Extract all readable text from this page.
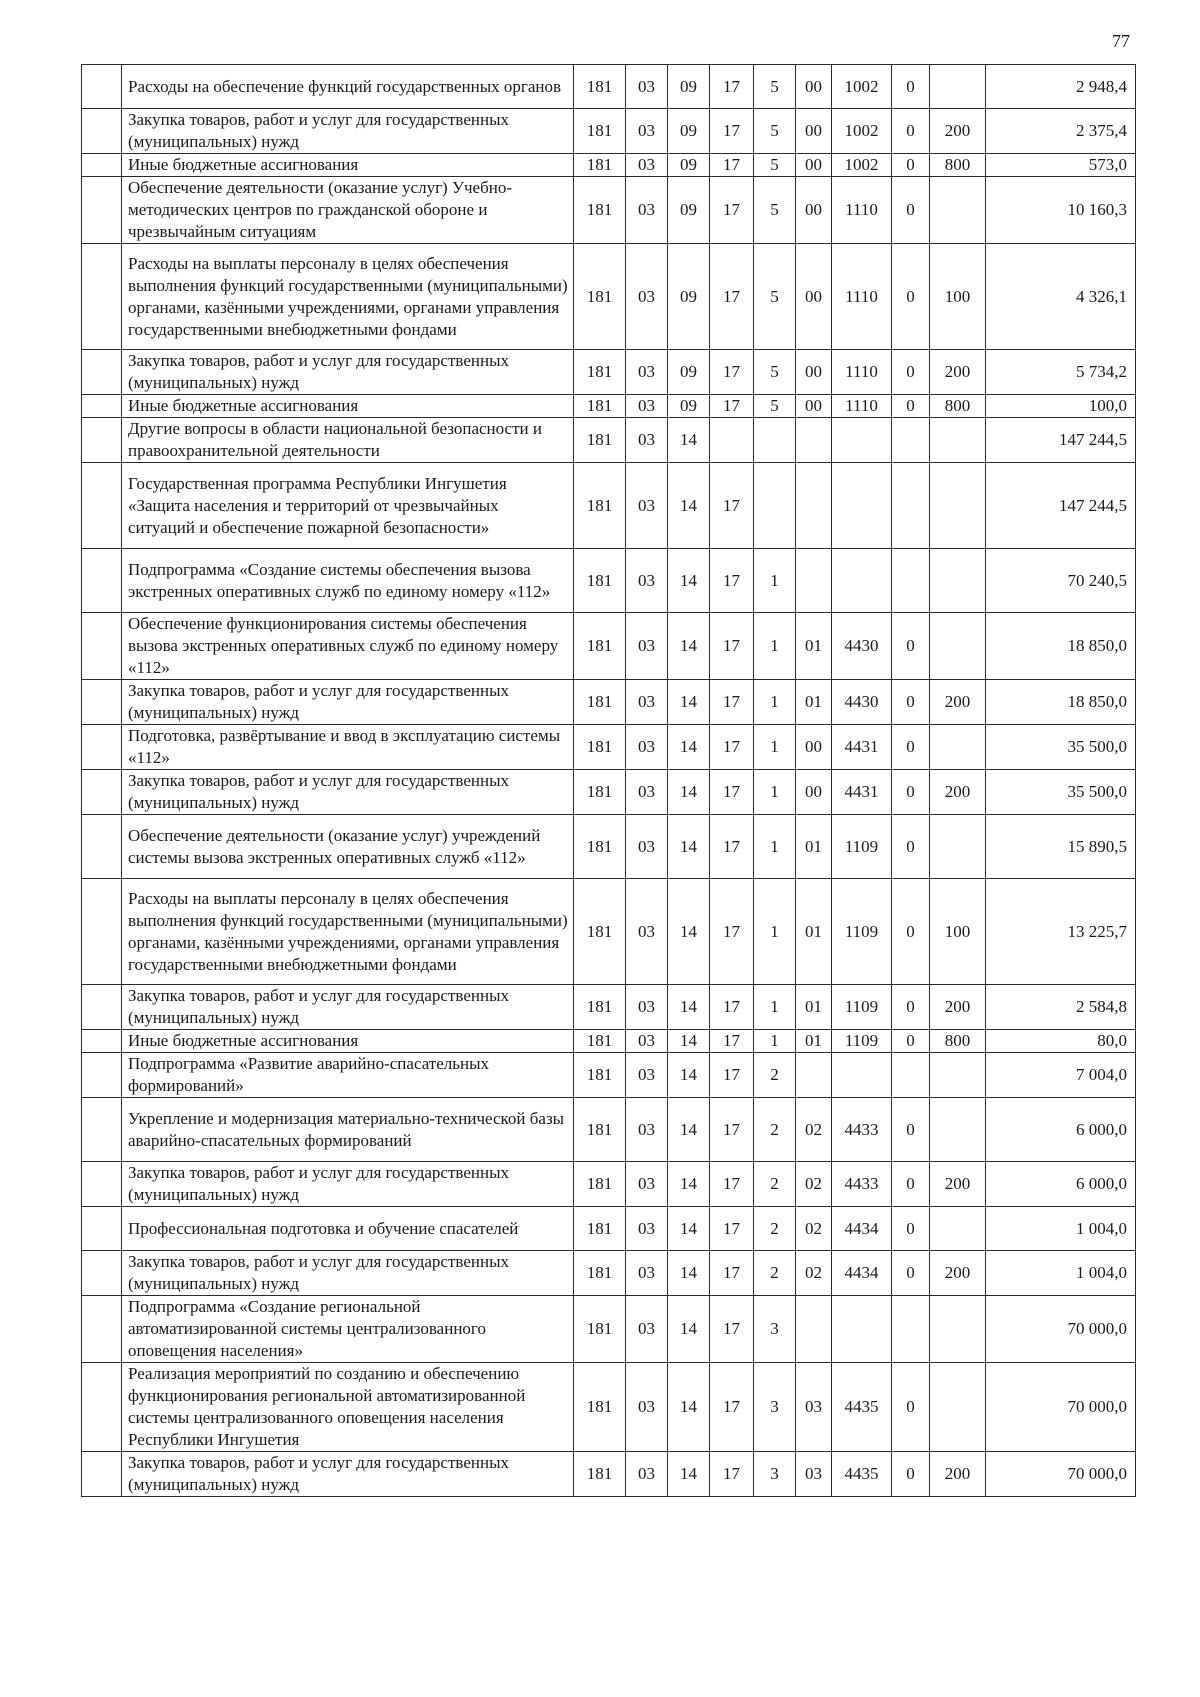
77
	Расходы на обеспечение функций государственных органов	181	03	09	17	5	00	1002	0		2 948,4
	Закупка товаров, работ и услуг для государственных (муниципальных) нужд	181	03	09	17	5	00	1002	0	200	2 375,4
	Иные бюджетные ассигнования	181	03	09	17	5	00	1002	0	800	573,0
	Обеспечение деятельности (оказание услуг) Учебно-методических центров по гражданской обороне и чрезвычайным ситуациям	181	03	09	17	5	00	1110	0		10 160,3
	Расходы на выплаты персоналу в целях обеспечения выполнения функций государственными (муниципальными) органами, казёнными учреждениями, органами управления государственными внебюджетными фондами	181	03	09	17	5	00	1110	0	100	4 326,1
	Закупка товаров, работ и услуг для государственных (муниципальных) нужд	181	03	09	17	5	00	1110	0	200	5 734,2
	Иные бюджетные ассигнования	181	03	09	17	5	00	1110	0	800	100,0
	Другие вопросы в области национальной безопасности и правоохранительной деятельности	181	03	14							147 244,5
	Государственная программа Республики Ингушетия «Защита населения и территорий от чрезвычайных ситуаций и обеспечение пожарной безопасности»	181	03	14	17						147 244,5
	Подпрограмма «Создание системы обеспечения вызова экстренных оперативных служб по единому номеру «112»	181	03	14	17	1					70 240,5
	Обеспечение функционирования системы обеспечения вызова экстренных оперативных служб по единому номеру «112»	181	03	14	17	1	01	4430	0		18 850,0
	Закупка товаров, работ и услуг для государственных (муниципальных) нужд	181	03	14	17	1	01	4430	0	200	18 850,0
	Подготовка, развёртывание и ввод в эксплуатацию системы «112»	181	03	14	17	1	00	4431	0		35 500,0
	Закупка товаров, работ и услуг для государственных (муниципальных) нужд	181	03	14	17	1	00	4431	0	200	35 500,0
	Обеспечение деятельности (оказание услуг) учреждений системы вызова экстренных оперативных служб «112»	181	03	14	17	1	01	1109	0		15 890,5
	Расходы на выплаты персоналу в целях обеспечения выполнения функций государственными (муниципальными) органами, казёнными учреждениями, органами управления государственными внебюджетными фондами	181	03	14	17	1	01	1109	0	100	13 225,7
	Закупка товаров, работ и услуг для государственных (муниципальных) нужд	181	03	14	17	1	01	1109	0	200	2 584,8
	Иные бюджетные ассигнования	181	03	14	17	1	01	1109	0	800	80,0
	Подпрограмма «Развитие аварийно-спасательных формирований»	181	03	14	17	2					7 004,0
	Укрепление и модернизация материально-технической базы аварийно-спасательных формирований	181	03	14	17	2	02	4433	0		6 000,0
	Закупка товаров, работ и услуг для государственных (муниципальных) нужд	181	03	14	17	2	02	4433	0	200	6 000,0
	Профессиональная подготовка и обучение спасателей	181	03	14	17	2	02	4434	0		1 004,0
	Закупка товаров, работ и услуг для государственных (муниципальных) нужд	181	03	14	17	2	02	4434	0	200	1 004,0
	Подпрограмма «Создание региональной автоматизированной системы централизованного оповещения населения»	181	03	14	17	3					70 000,0
	Реализация мероприятий по созданию и обеспечению функционирования региональной автоматизированной системы централизованного оповещения населения Республики Ингушетия	181	03	14	17	3	03	4435	0		70 000,0
	Закупка товаров, работ и услуг для государственных (муниципальных) нужд	181	03	14	17	3	03	4435	0	200	70 000,0
